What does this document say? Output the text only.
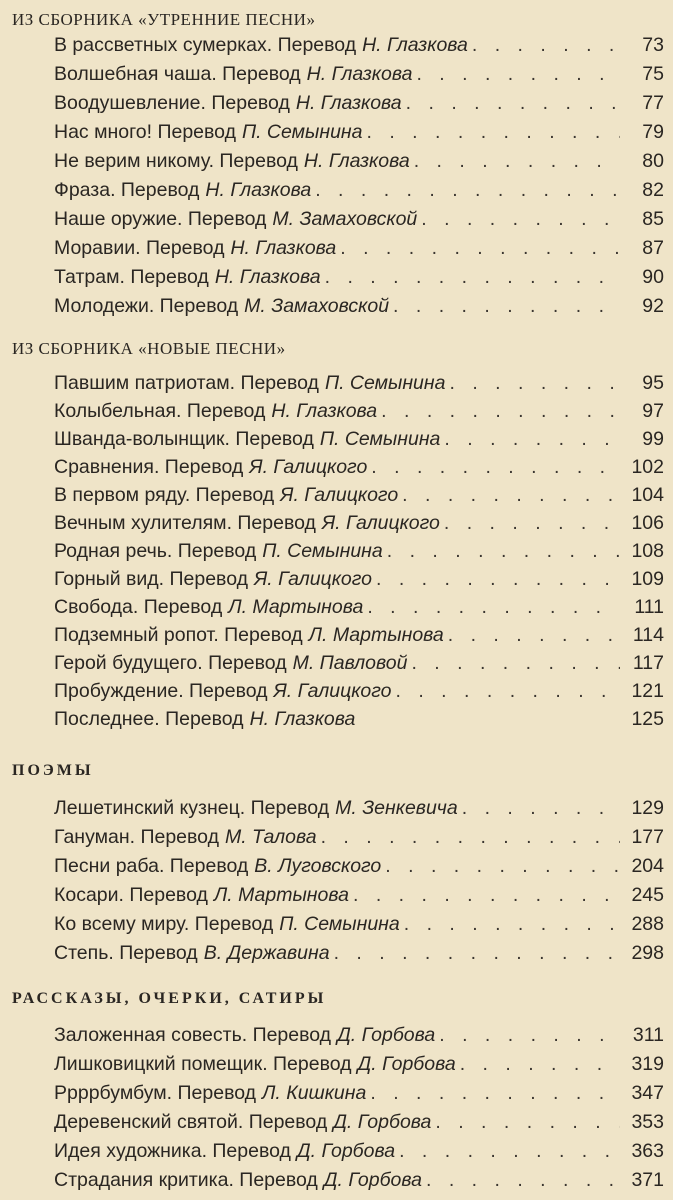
ИЗ СБОРНИКА «УТРЕННИЕ ПЕСНИ»
В рассветных сумерках. Перевод Н. Глазкова . . .	73
Волшебная чаша. Перевод Н. Глазкова . . .	75
Воодушевление. Перевод Н. Глазкова . . .	77
Нас много! Перевод П. Семынина . . .	79
Не верим никому. Перевод Н. Глазкова . . .	80
Фраза. Перевод Н. Глазкова . . .	82
Наше оружие. Перевод М. Замаховской . . .	85
Моравии. Перевод Н. Глазкова . . .	87
Татрам. Перевод Н. Глазкова . . .	90
Молодежи. Перевод М. Замаховской . . .	92
ИЗ СБОРНИКА «НОВЫЕ ПЕСНИ»
Павшим патриотам. Перевод П. Семынина . . .	95
Колыбельная. Перевод Н. Глазкова . . .	97
Шванда-волынщик. Перевод П. Семынина . . .	99
Сравнения. Перевод Я. Галицкого . . .	102
В первом ряду. Перевод Я. Галицкого . . .	104
Вечным хулителям. Перевод Я. Галицкого . . .	106
Родная речь. Перевод П. Семынина . . .	108
Горный вид. Перевод Я. Галицкого . . .	109
Свобода. Перевод Л. Мартынова . . .	111
Подземный ропот. Перевод Л. Мартынова . . .	114
Герой будущего. Перевод М. Павловой . . .	117
Пробуждение. Перевод Я. Галицкого . . .	121
Последнее. Перевод Н. Глазкова	125
ПОЭМЫ
Лешетинский кузнец. Перевод М. Зенкевича . . .	129
Гануман. Перевод М. Талова . . .	177
Песни раба. Перевод В. Луговского . . .	204
Косари. Перевод Л. Мартынова . . .	245
Ко всему миру. Перевод П. Семынина . . .	288
Степь. Перевод В. Державина . . .	298
РАССКАЗЫ, ОЧЕРКИ, САТИРЫ
Заложенная совесть. Перевод Д. Горбова . . .	311
Лишковицкий помещик. Перевод Д. Горбова . . .	319
Ррррбумбум. Перевод Л. Кишкина . . .	347
Деревенский святой. Перевод Д. Горбова . . .	353
Идея художника. Перевод Д. Горбова . . .	363
Страдания критика. Перевод Д. Горбова . . .	371
